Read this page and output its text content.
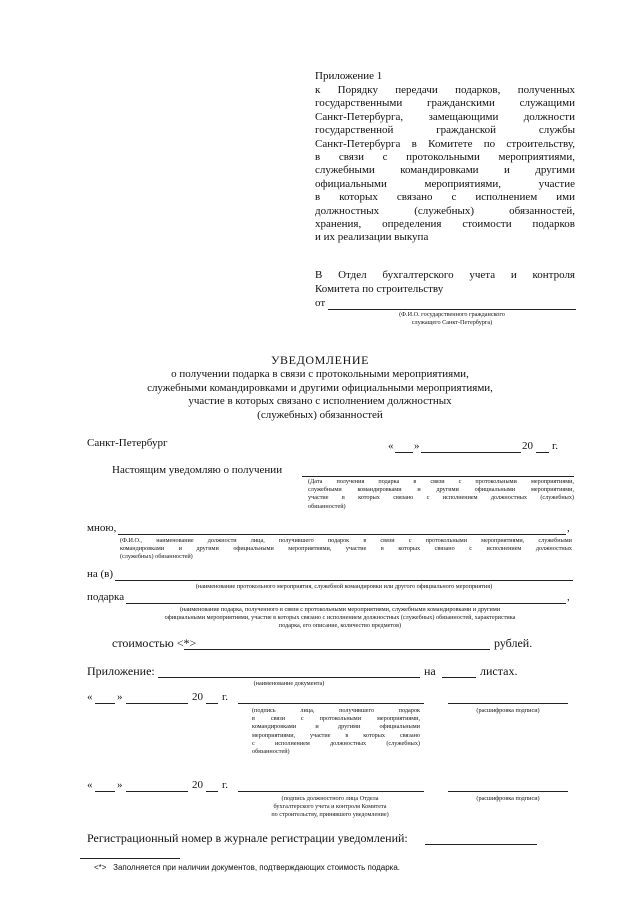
Приложение 1
к Порядку передачи подарков, полученных
государственными гражданскими служащими
Санкт-Петербурга, замещающими должности
государственной гражданской службы
Санкт-Петербурга в Комитете по строительству,
в связи с протокольными мероприятиями,
служебными командировками и другими
официальными мероприятиями, участие
в которых связано с исполнением ими
должностных (служебных) обязанностей,
хранения, определения стоимости подарков
и их реализации выкупа
В Отдел бухгалтерского учета и контроля
Комитета по строительству
от
(Ф.И.О. государственного гражданского
служащего Санкт-Петербурга)
УВЕДОМЛЕНИЕ
о получении подарка в связи с протокольными мероприятиями,
служебными командировками и другими официальными мероприятиями,
участие в которых связано с исполнением должностных
(служебных) обязанностей
Санкт-Петербург	« »	20 г.
Настоящим уведомляю о получении
(Дата получения подарка в связи с протокольными мероприятиями,
служебными командировками и другими официальными мероприятиями,
участие в которых связано с исполнением должностных (служебных)
обязанностей)
мною,	,
(Ф.И.О., наименование должности лица, получившего подарок в связи с протокольными мероприятиями, служебными
командировками и другими официальными мероприятиями, участие в которых связано с исполнением должностных
(служебных) обязанностей)
на (в)
(наименование протокольного мероприятия, служебной командировки или другого официального мероприятия)
подарка	,
(наименование подарка, полученного в связи с протокольными мероприятиями, служебными командировками и другими
официальными мероприятиями, участие в которых связано с исполнением должностных (служебных) обязанностей, характеристика
подарка, его описание, количество предметов)
стоимостью <*>	рублей.
Приложение:
(наименование документа)
на	листах.
« »	20 г.
(подпись лица, получившего подарок
в связи с протокольными мероприятиями,
командировками и другими официальными
мероприятиями, участие в которых связано
с исполнением должностных (служебных)
обязанностей)
(расшифровка подписи)
« »	20 г.
(подпись должностного лица Отдела
бухгалтерского учета и контроля Комитета
по строительству, принявшего уведомление)
(расшифровка подписи)
Регистрационный номер в журнале регистрации уведомлений:
<*> Заполняется при наличии документов, подтверждающих стоимость подарка.
